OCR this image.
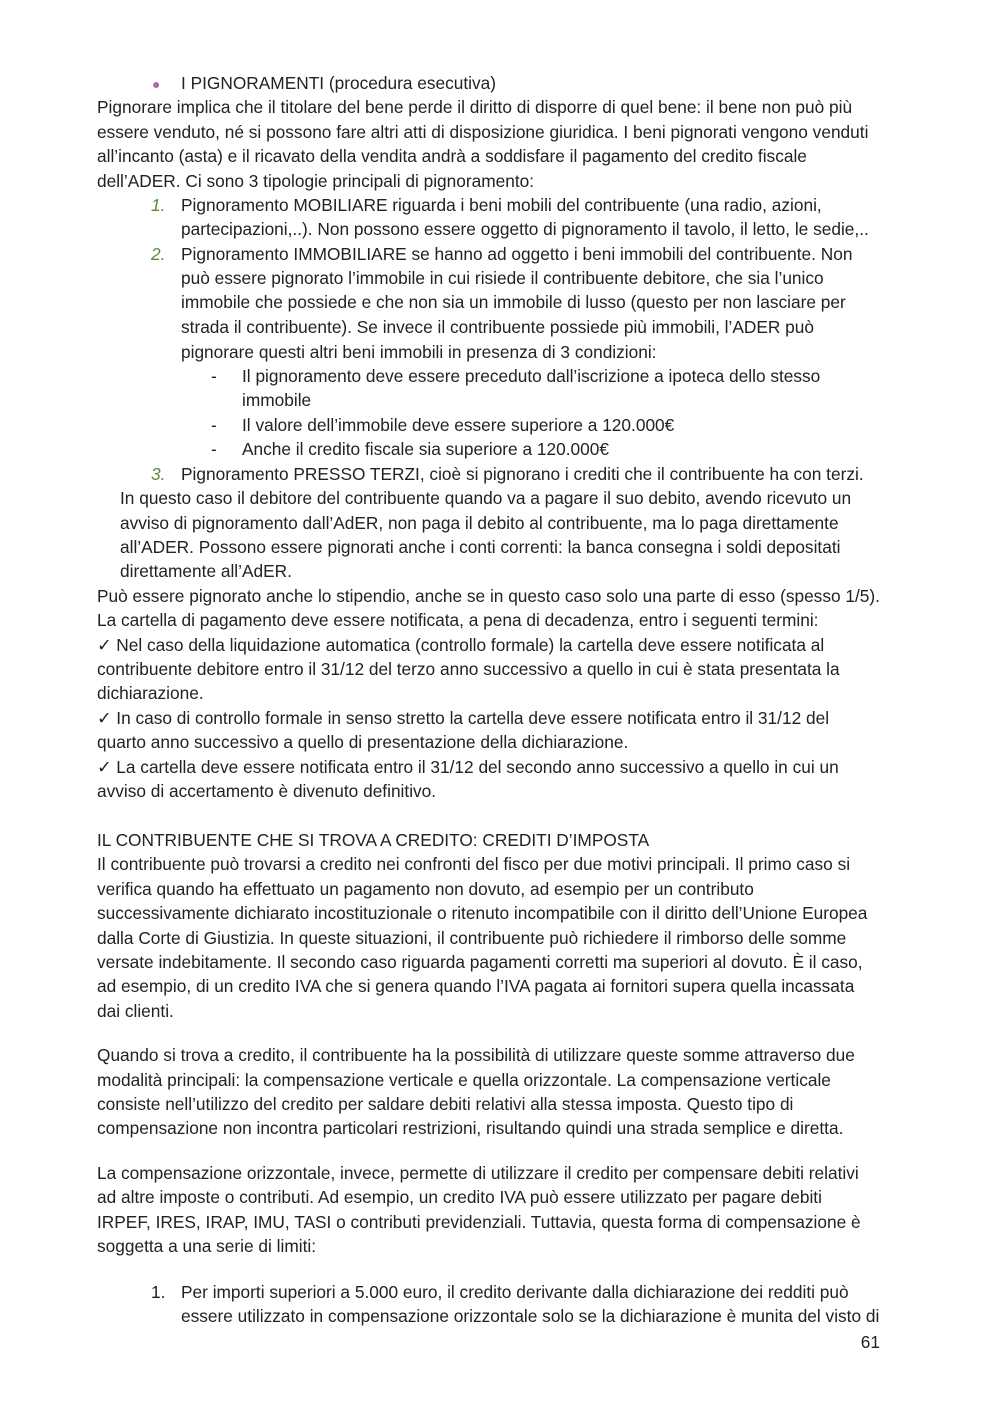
● I PIGNORAMENTI (procedura esecutiva)
Pignorare implica che il titolare del bene perde il diritto di disporre di quel bene: il bene non può più
essere venduto, né si possono fare altri atti di disposizione giuridica. I beni pignorati vengono venduti
all’incanto (asta) e il ricavato della vendita andrà a soddisfare il pagamento del credito fiscale
dell’ADER. Ci sono 3 tipologie principali di pignoramento:
1. Pignoramento MOBILIARE riguarda i beni mobili del contribuente (una radio, azioni,
partecipazioni,..). Non possono essere oggetto di pignoramento il tavolo, il letto, le sedie,..
2. Pignoramento IMMOBILIARE se hanno ad oggetto i beni immobili del contribuente. Non
può essere pignorato l’immobile in cui risiede il contribuente debitore, che sia l’unico
immobile che possiede e che non sia un immobile di lusso (questo per non lasciare per
strada il contribuente). Se invece il contribuente possiede più immobili, l’ADER può
pignorare questi altri beni immobili in presenza di 3 condizioni:
- Il pignoramento deve essere preceduto dall’iscrizione a ipoteca dello stesso
immobile
- Il valore dell’immobile deve essere superiore a 120.000€
- Anche il credito fiscale sia superiore a 120.000€
3. Pignoramento PRESSO TERZI, cioè si pignorano i crediti che il contribuente ha con terzi.
In questo caso il debitore del contribuente quando va a pagare il suo debito, avendo ricevuto un
avviso di pignoramento dall’AdER, non paga il debito al contribuente, ma lo paga direttamente
all’ADER. Possono essere pignorati anche i conti correnti: la banca consegna i soldi depositati
direttamente all’AdER.
Può essere pignorato anche lo stipendio, anche se in questo caso solo una parte di esso (spesso 1/5).
La cartella di pagamento deve essere notificata, a pena di decadenza, entro i seguenti termini:
✓ Nel caso della liquidazione automatica (controllo formale) la cartella deve essere notificata al
contribuente debitore entro il 31/12 del terzo anno successivo a quello in cui è stata presentata la
dichiarazione.
✓ In caso di controllo formale in senso stretto la cartella deve essere notificata entro il 31/12 del
quarto anno successivo a quello di presentazione della dichiarazione.
✓ La cartella deve essere notificata entro il 31/12 del secondo anno successivo a quello in cui un
avviso di accertamento è divenuto definitivo.
IL CONTRIBUENTE CHE SI TROVA A CREDITO: CREDITI D’IMPOSTA
Il contribuente può trovarsi a credito nei confronti del fisco per due motivi principali. Il primo caso si
verifica quando ha effettuato un pagamento non dovuto, ad esempio per un contributo
successivamente dichiarato incostituzionale o ritenuto incompatibile con il diritto dell’Unione Europea
dalla Corte di Giustizia. In queste situazioni, il contribuente può richiedere il rimborso delle somme
versate indebitamente. Il secondo caso riguarda pagamenti corretti ma superiori al dovuto. È il caso,
ad esempio, di un credito IVA che si genera quando l’IVA pagata ai fornitori supera quella incassata
dai clienti.
Quando si trova a credito, il contribuente ha la possibilità di utilizzare queste somme attraverso due
modalità principali: la compensazione verticale e quella orizzontale. La compensazione verticale
consiste nell’utilizzo del credito per saldare debiti relativi alla stessa imposta. Questo tipo di
compensazione non incontra particolari restrizioni, risultando quindi una strada semplice e diretta.
La compensazione orizzontale, invece, permette di utilizzare il credito per compensare debiti relativi
ad altre imposte o contributi. Ad esempio, un credito IVA può essere utilizzato per pagare debiti
IRPEF, IRES, IRAP, IMU, TASI o contributi previdenziali. Tuttavia, questa forma di compensazione è
soggetta a una serie di limiti:
1. Per importi superiori a 5.000 euro, il credito derivante dalla dichiarazione dei redditi può
essere utilizzato in compensazione orizzontale solo se la dichiarazione è munita del visto di
61
